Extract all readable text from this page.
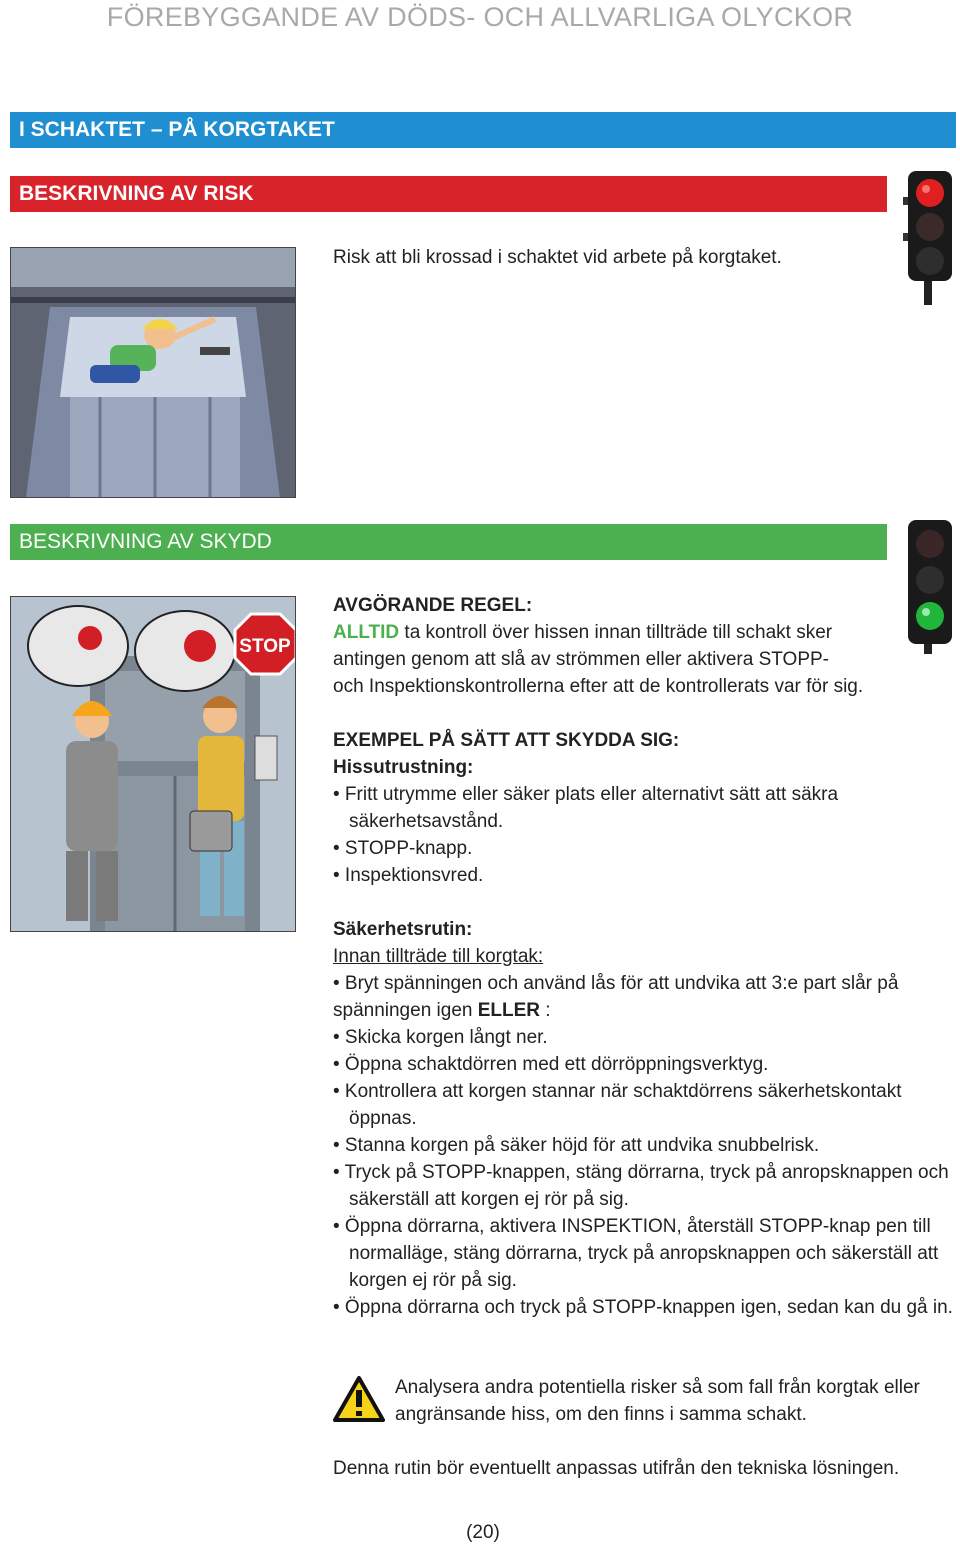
FÖREBYGGANDE AV DÖDS- OCH ALLVARLIGA OLYCKOR
I SCHAKTET – PÅ KORGTAKET
BESKRIVNING AV RISK
Risk att bli krossad i schaktet vid arbete på korgtaket.
BESKRIVNING AV SKYDD
STOP
AVGÖRANDE REGEL:
ALLTID ta kontroll över hissen innan tillträde till schakt sker
antingen genom att slå av strömmen eller aktivera STOPP-
och Inspektionskontrollerna efter att de kontrollerats var för sig.
EXEMPEL PÅ SÄTT ATT SKYDDA SIG:
Hissutrustning:
• Fritt utrymme eller säker plats eller alternativt sätt att säkra säkerhetsavstånd.
• STOPP-knapp.
• Inspektionsvred.
Säkerhetsrutin:
Innan tillträde till korgtak:
• Bryt spänningen och använd lås för att undvika att 3:e part slår på spänningen igen ELLER :
• Skicka korgen långt ner.
• Öppna schaktdörren med ett dörröppningsverktyg.
• Kontrollera att korgen stannar när schaktdörrens säkerhetskontakt öppnas.
• Stanna korgen på säker höjd för att undvika snubbelrisk.
• Tryck på STOPP-knappen, stäng dörrarna, tryck på anropsknappen och säkerställ att korgen ej rör på sig.
• Öppna dörrarna, aktivera INSPEKTION, återställ STOPP-knap pen till normalläge, stäng dörrarna, tryck på anropsknappen och säkerställ att korgen ej rör på sig.
• Öppna dörrarna och tryck på STOPP-knappen igen, sedan kan du gå in.
Analysera andra potentiella risker så som fall från korgtak eller angränsande hiss, om den finns i samma schakt.
Denna rutin bör eventuellt anpassas utifrån den tekniska lösningen.
(20)
